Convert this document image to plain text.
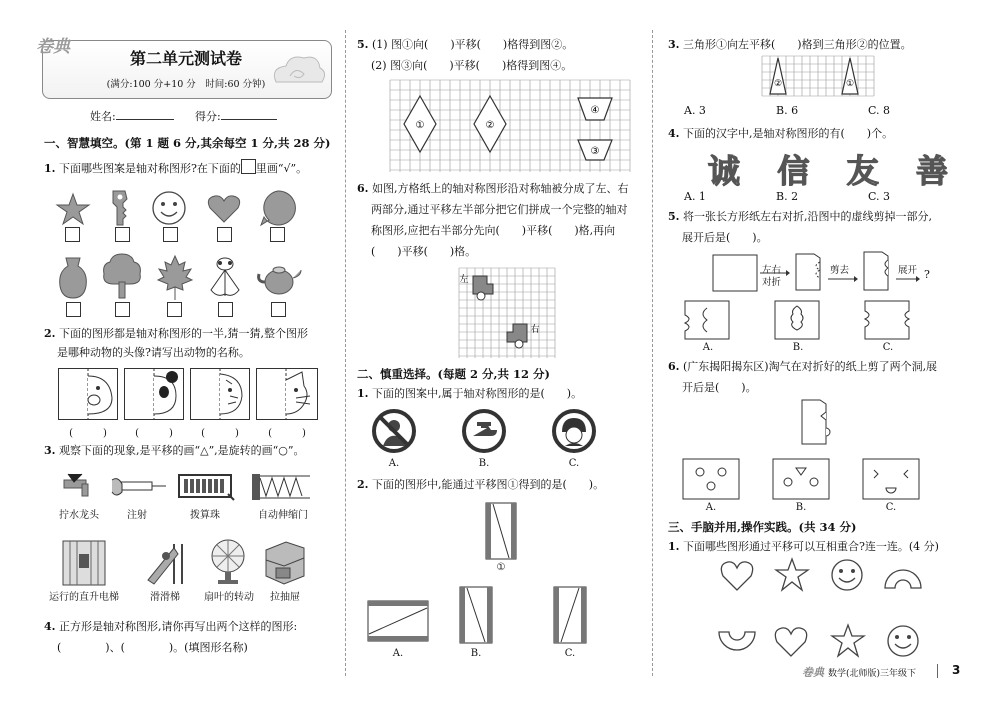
卷典
第二单元测试卷
(满分:100 分+10 分　时间:60 分钟)
姓名:	得分:
一、智慧填空。(第 1 题 6 分,其余每空 1 分,共 28 分)
1. 下面哪些图案是轴对称图形?在下面的 里画“√”。
2. 下面的图形都是轴对称图形的一半,猜一猜,整个图形
是哪种动物的头像?请写出动物的名称。
(　　　)	(　　　)	(　　　)	(　　　)
3. 观察下面的现象,是平移的画“△”,是旋转的画“○”。
拧水龙头	注射	拨算珠	自动伸缩门
运行的直升电梯	滑滑梯	扇叶的转动	拉抽屉
4. 正方形是轴对称图形,请你再写出两个这样的图形:
(　　　　)、(　　　　)。(填图形名称)
5. (1) 图①向(　　)平移(　　)格得到图②。
(2) 图③向(　　)平移(　　)格得到图④。
①	②
④
③
6. 如图,方格纸上的轴对称图形沿对称轴被分成了左、右
两部分,通过平移左半部分把它们拼成一个完整的轴对
称图形,应把右半部分先向(　　)平移(　　)格,再向
(　　)平移(　　)格。
左
右
二、慎重选择。(每题 2 分,共 12 分)
1. 下面的图案中,属于轴对称图形的是(　　)。
A.	B.	C.
2. 下面的图形中,能通过平移图①得到的是(　　)。
①
A.	B.	C.
3. 三角形①向左平移(　　)格到三角形②的位置。
②	①
A. 3	B. 6	C. 8
4. 下面的汉字中,是轴对称图形的有(　　)个。
诚 信 友 善
A. 1	B. 2	C. 3
5. 将一张长方形纸左右对折,沿图中的虚线剪掉一部分,
展开后是(　　)。
左右
对折
剪去	展开 ?
A.	B.	C.
6. (广东揭阳揭东区)淘气在对折好的纸上剪了两个洞,展
开后是(　　)。
A.	B.	C.
三、手脑并用,操作实践。(共 34 分)
1. 下面哪些图形通过平移可以互相重合?连一连。(4 分)
卷典 数学(北师版)三年级下	3
